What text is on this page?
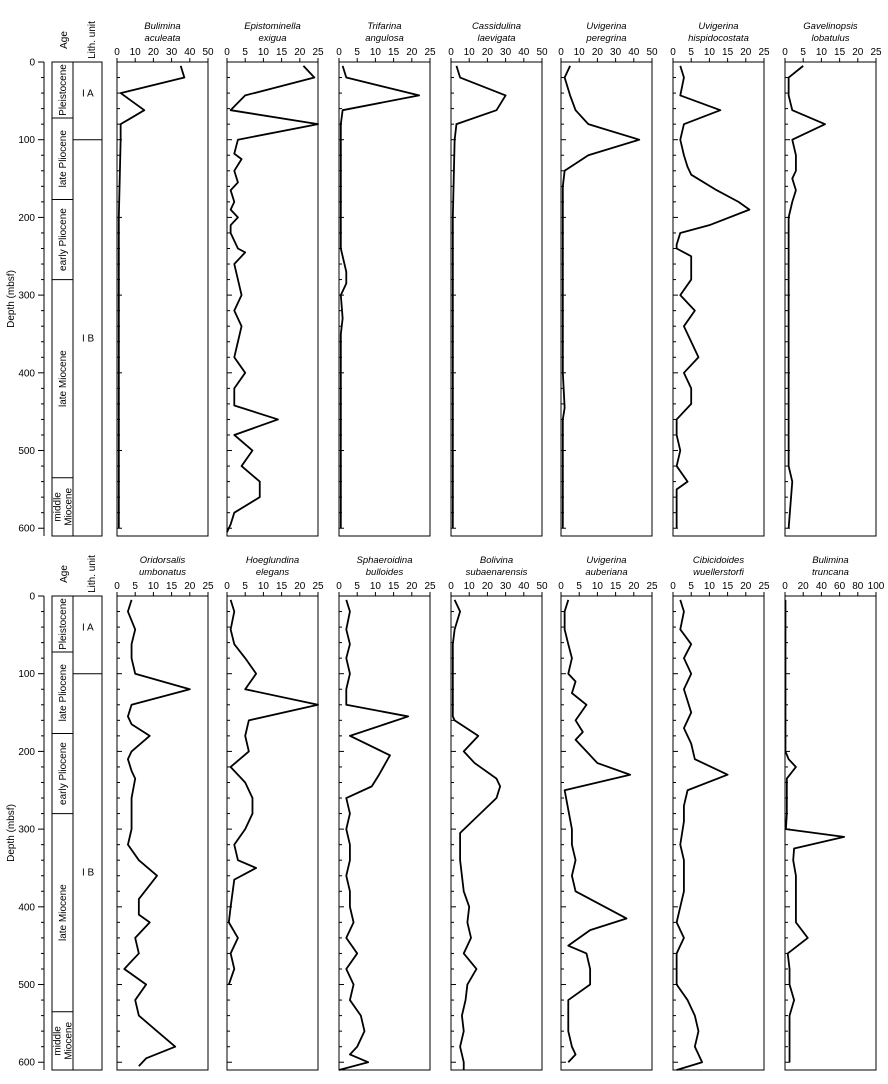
Depth (mbsf)
0
100
200
300
400
500
600
Age Lith. unit
Pleistocene
late Pliocene
early Pliocene
late Miocene
middleMiocene
I A
I B
Bulimina
aculeata
0 10 20 30 40 50
Epistominella
exigua
0 5 10 15 20 25
Trifarina
angulosa
0 5 10 15 20 25
Cassidulina
laevigata
0 10 20 30 40 50
Uvigerina
peregrina
0 10 20 30 40 50
Uvigerina
hispidocostata
0 5 10 15 20 25
Gavelinopsis
lobatulus
0 5 10 15 20 25
Depth (mbsf)
0
100
200
300
400
500
600
Age Lith. unit
Pleistocene
late Pliocene
early Pliocene
late Miocene
middleMiocene
I A
I B
Oridorsalis
umbonatus
0 5 10 15 20 25
Hoeglundina
elegans
0 5 10 15 20 25
Sphaeroidina
bulloides
0 5 10 15 20 25
Bolivina
subaenarensis
0 10 20 30 40 50
Uvigerina
auberiana
0 5 10 15 20 25
Cibicidoides
wuellerstorfi
0 5 10 15 20 25
Bulimina
truncana
0 20 40 60 80 100
